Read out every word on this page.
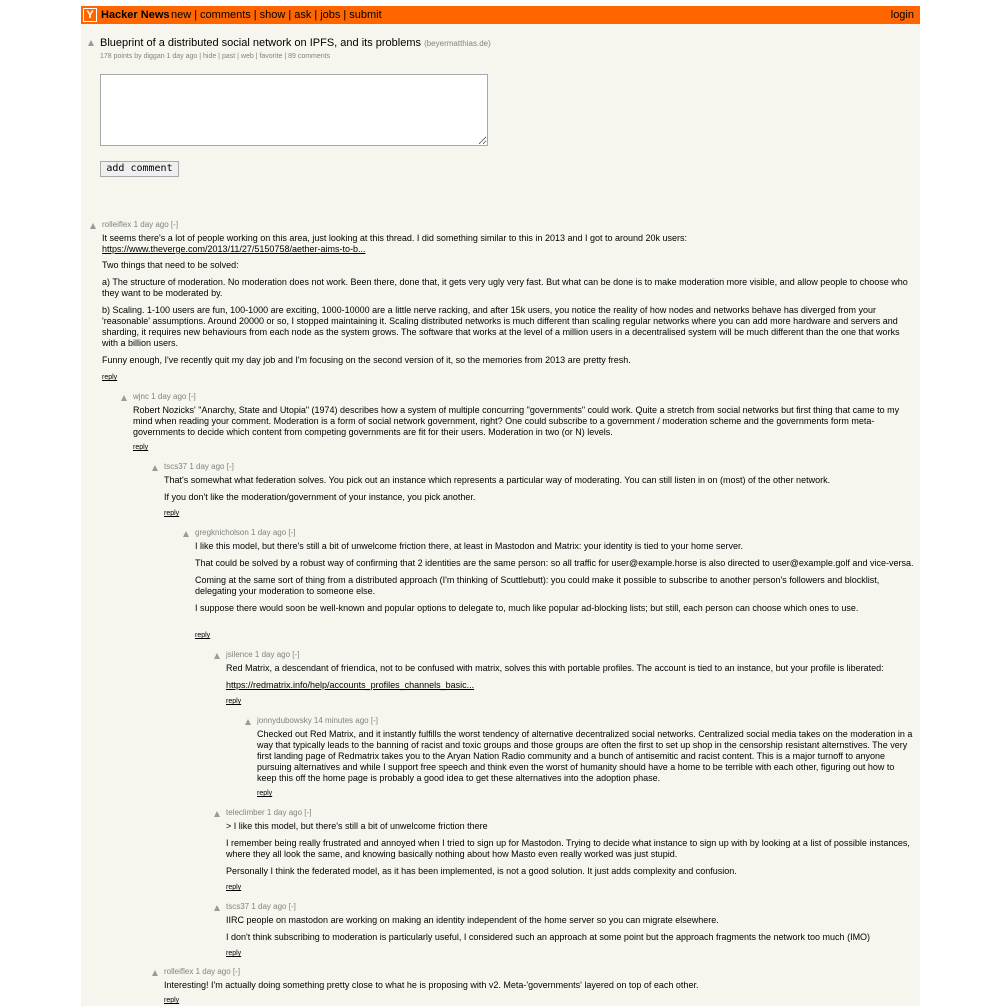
Y Hacker News new | comments | show | ask | jobs | submit	login
Blueprint of a distributed social network on IPFS, and its problems (beyermatthias.de)
178 points by diggan 1 day ago | hide | past | web | favorite | 89 comments
add comment
rolleiflex 1 day ago [-]

It seems there's a lot of people working on this area, just looking at this thread. I did something similar to this in 2013 and I got to around 20k users:
https://www.theverge.com/2013/11/27/5150758/aether-aims-to-b...

Two things that need to be solved:

a) The structure of moderation. No moderation does not work. Been there, done that, it gets very ugly very fast. But what can be done is to make moderation more visible, and allow people to choose who they want to be moderated by.

b) Scaling. 1-100 users are fun, 100-1000 are exciting, 1000-10000 are a little nerve racking, and after 15k users, you notice the reality of how nodes and networks behave has diverged from your 'reasonable' assumptions. Around 20000 or so, I stopped maintaining it. Scaling distributed networks is much different than scaling regular networks where you can add more hardware and servers and sharding, it requires new behaviours from each node as the system grows. The software that works at the level of a million users in a decentralised system will be much different than the one that works with a billion users.

Funny enough, I've recently quit my day job and I'm focusing on the second version of it, so the memories from 2013 are pretty fresh.

reply
wjnc 1 day ago [-]

Robert Nozicks' "Anarchy, State and Utopia" (1974) describes how a system of multiple concurring "governments" could work. Quite a stretch from social networks but first thing that came to my mind when reading your comment. Moderation is a form of social network government, right? One could subscribe to a government / moderation scheme and the governments form meta-governments to decide which content from competing governments are fit for their users. Moderation in two (or N) levels.

reply
tscs37 1 day ago [-]

That's somewhat what federation solves. You pick out an instance which represents a particular way of moderating. You can still listen in on (most) of the other network.

If you don't like the moderation/government of your instance, you pick another.

reply
gregknicholson 1 day ago [-]

I like this model, but there's still a bit of unwelcome friction there, at least in Mastodon and Matrix: your identity is tied to your home server.

That could be solved by a robust way of confirming that 2 identities are the same person: so all traffic for user@example.horse is also directed to user@example.golf and vice-versa.

Coming at the same sort of thing from a distributed approach (I'm thinking of Scuttlebutt): you could make it possible to subscribe to another person's followers and blocklist, delegating your moderation to someone else.

I suppose there would soon be well-known and popular options to delegate to, much like popular ad-blocking lists; but still, each person can choose which ones to use.

reply
jsilence 1 day ago [-]

Red Matrix, a descendant of friendica, not to be confused with matrix, solves this with portable profiles. The account is tied to an instance, but your profile is liberated:

https://redmatrix.info/help/accounts_profiles_channels_basic...

reply
jonnydubowsky 14 minutes ago [-]

Checked out Red Matrix, and it instantly fulfills the worst tendency of alternative decentralized social networks. Centralized social media takes on the moderation in a way that typically leads to the banning of racist and toxic groups and those groups are often the first to set up shop in the censorship resistant alternstives. The very first landing page of Redmatrix takes you to the Aryan Nation Radio community and a bunch of antisemitic and racist content. This is a major turnoff to anyone pursuing alternatives and while I support free speech and think even the worst of humanity should have a home to be terrible with each other, figuring out how to keep this off the home page is probably a good idea to get these alternatives into the adoption phase.

reply
teleclimber 1 day ago [-]

> I like this model, but there's still a bit of unwelcome friction there

I remember being really frustrated and annoyed when I tried to sign up for Mastodon. Trying to decide what instance to sign up with by looking at a list of possible instances, where they all look the same, and knowing basically nothing about how Masto even really worked was just stupid.

Personally I think the federated model, as it has been implemented, is not a good solution. It just adds complexity and confusion.

reply
tscs37 1 day ago [-]

IIRC people on mastodon are working on making an identity independent of the home server so you can migrate elsewhere.

I don't think subscribing to moderation is particularly useful, I considered such an approach at some point but the approach fragments the network too much (IMO)

reply
rolleiflex 1 day ago [-]

Interesting! I'm actually doing something pretty close to what he is proposing with v2. Meta-'governments' layered on top of each other.

reply
